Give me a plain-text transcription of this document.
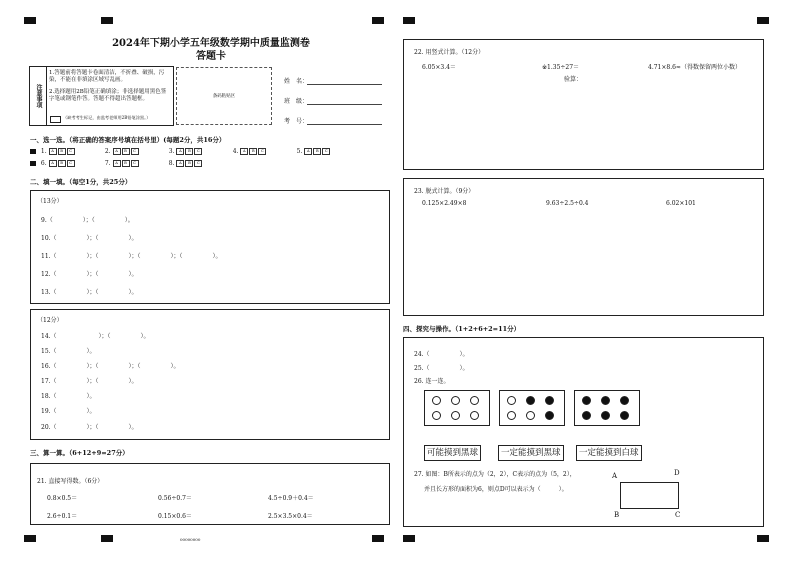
2024年下期小学五年级数学期中质量监测卷
答题卡
注意事项
1.答题前将答题卡卷面清洁，不折叠、破损，污染，不能在非填涂区域写乱画。
2.选择题用2B铅笔正确填涂；非选择题用黑色签字笔或钢笔作答。答题不得超出答题框。
（缺考考生标记，由监考老师用2B铅笔涂黑。）
条码粘贴区
姓　名：
班　级：
考　号：
一、选一选。（将正确的答案序号填在括号里）(每题2分，共16分）
1. A B C	2. A B C	3. A B C	4. A B C	5. A B C
6. A B C	7. A B C	8. A B C
二、填一填。（每空1分，共25分）
（13分）
9.（　　　　　）；（　　　　　）。
10.（　　　　　）；（　　　　　）。
11.（　　　　　）；（　　　　　）；（　　　　　）；（　　　　　）。
12.（　　　　　）；（　　　　　）。
13.（　　　　　）；（　　　　　）。
（12分）
14.（　　　　　　　）；（　　　　　）。
15.（　　　　　）。
16.（　　　　　）；（　　　　　）；（　　　　　）。
17.（　　　　　）；（　　　　　）。
18.（　　　　　）。
19.（　　　　　）。
20.（　　　　　）；（　　　　　）。
三、算一算。（6+12+9=27分）
21. 直接写得数。（6分）
0.8×0.5＝	0.56÷0.7＝	4.5÷0.9＋0.4＝
2.6÷0.1＝	0.15×0.6＝	2.5×3.5×0.4＝
00000000
22. 用竖式计算。（12分）
6.05×3.4＝	※1.35÷27＝	4.71×8.6≈（得数保留两位小数）
验算：
23. 脱式计算。（9分）
0.125×2.49×8	9.63÷2.5÷0.4	6.02×101
四、探究与操作。（1+2+6+2=11分）
24.（　　　　　）。
25.（　　　　　）。
26. 连一连。
可能摸到黑球	一定能摸到黑球	一定能摸到白球
27. 如图：B所表示的点为（2，2），C表示的点为（5，2），
并且长方形的面积为6，则点D可以表示为（　　　）。
A	D
B	C
